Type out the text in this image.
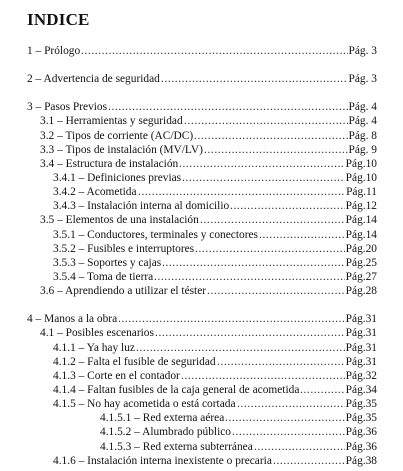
INDICE
.....
1 – Prólogo	Pág. 3
.....
2 – Advertencia de seguridad	Pág. 3
.....
3 – Pasos Previos	Pág. 4
.....
3.1 – Herramientas y seguridad	Pág. 4
.....
3.2 – Tipos de corriente (AC/DC)	Pág. 8
.....
3.3 – Tipos de instalación (MV/LV)	Pág. 9
.....
3.4 – Estructura de instalación	Pág.10
.....
3.4.1 – Definiciones previas	Pág.10
.....
3.4.2 – Acometida	Pág.11
.....
3.4.3 – Instalación interna al domicilio	Pág.12
.....
3.5 – Elementos de una instalación	Pág.14
.....
3.5.1 – Conductores, terminales y conectores	Pág.14
.....
3.5.2 – Fusibles e interruptores	Pág.20
.....
3.5.3 – Soportes y cajas	Pág.25
.....
3.5.4 – Toma de tierra	Pág.27
.....
3.6 – Aprendiendo a utilizar el téster	Pág.28
.....
4 – Manos a la obra	Pág.31
.....
4.1 – Posibles escenarios	Pág.31
.....
4.1.1 – Ya hay luz	Pág.31
.....
4.1.2 – Falta el fusible de seguridad	Pág.31
.....
4.1.3 – Corte en el contador	Pág.32
.....
4.1.4 – Faltan fusibles de la caja general de acometida	Pág.34
.....
4.1.5 – No hay acometida o está cortada	Pág.35
.....
4.1.5.1 – Red externa aérea	Pág.35
.....
4.1.5.2 – Alumbrado público	Pág.36
.....
4.1.5.3 – Red externa subterránea	Pág.36
.....
4.1.6 – Instalación interna inexistente o precaria	Pág.38
